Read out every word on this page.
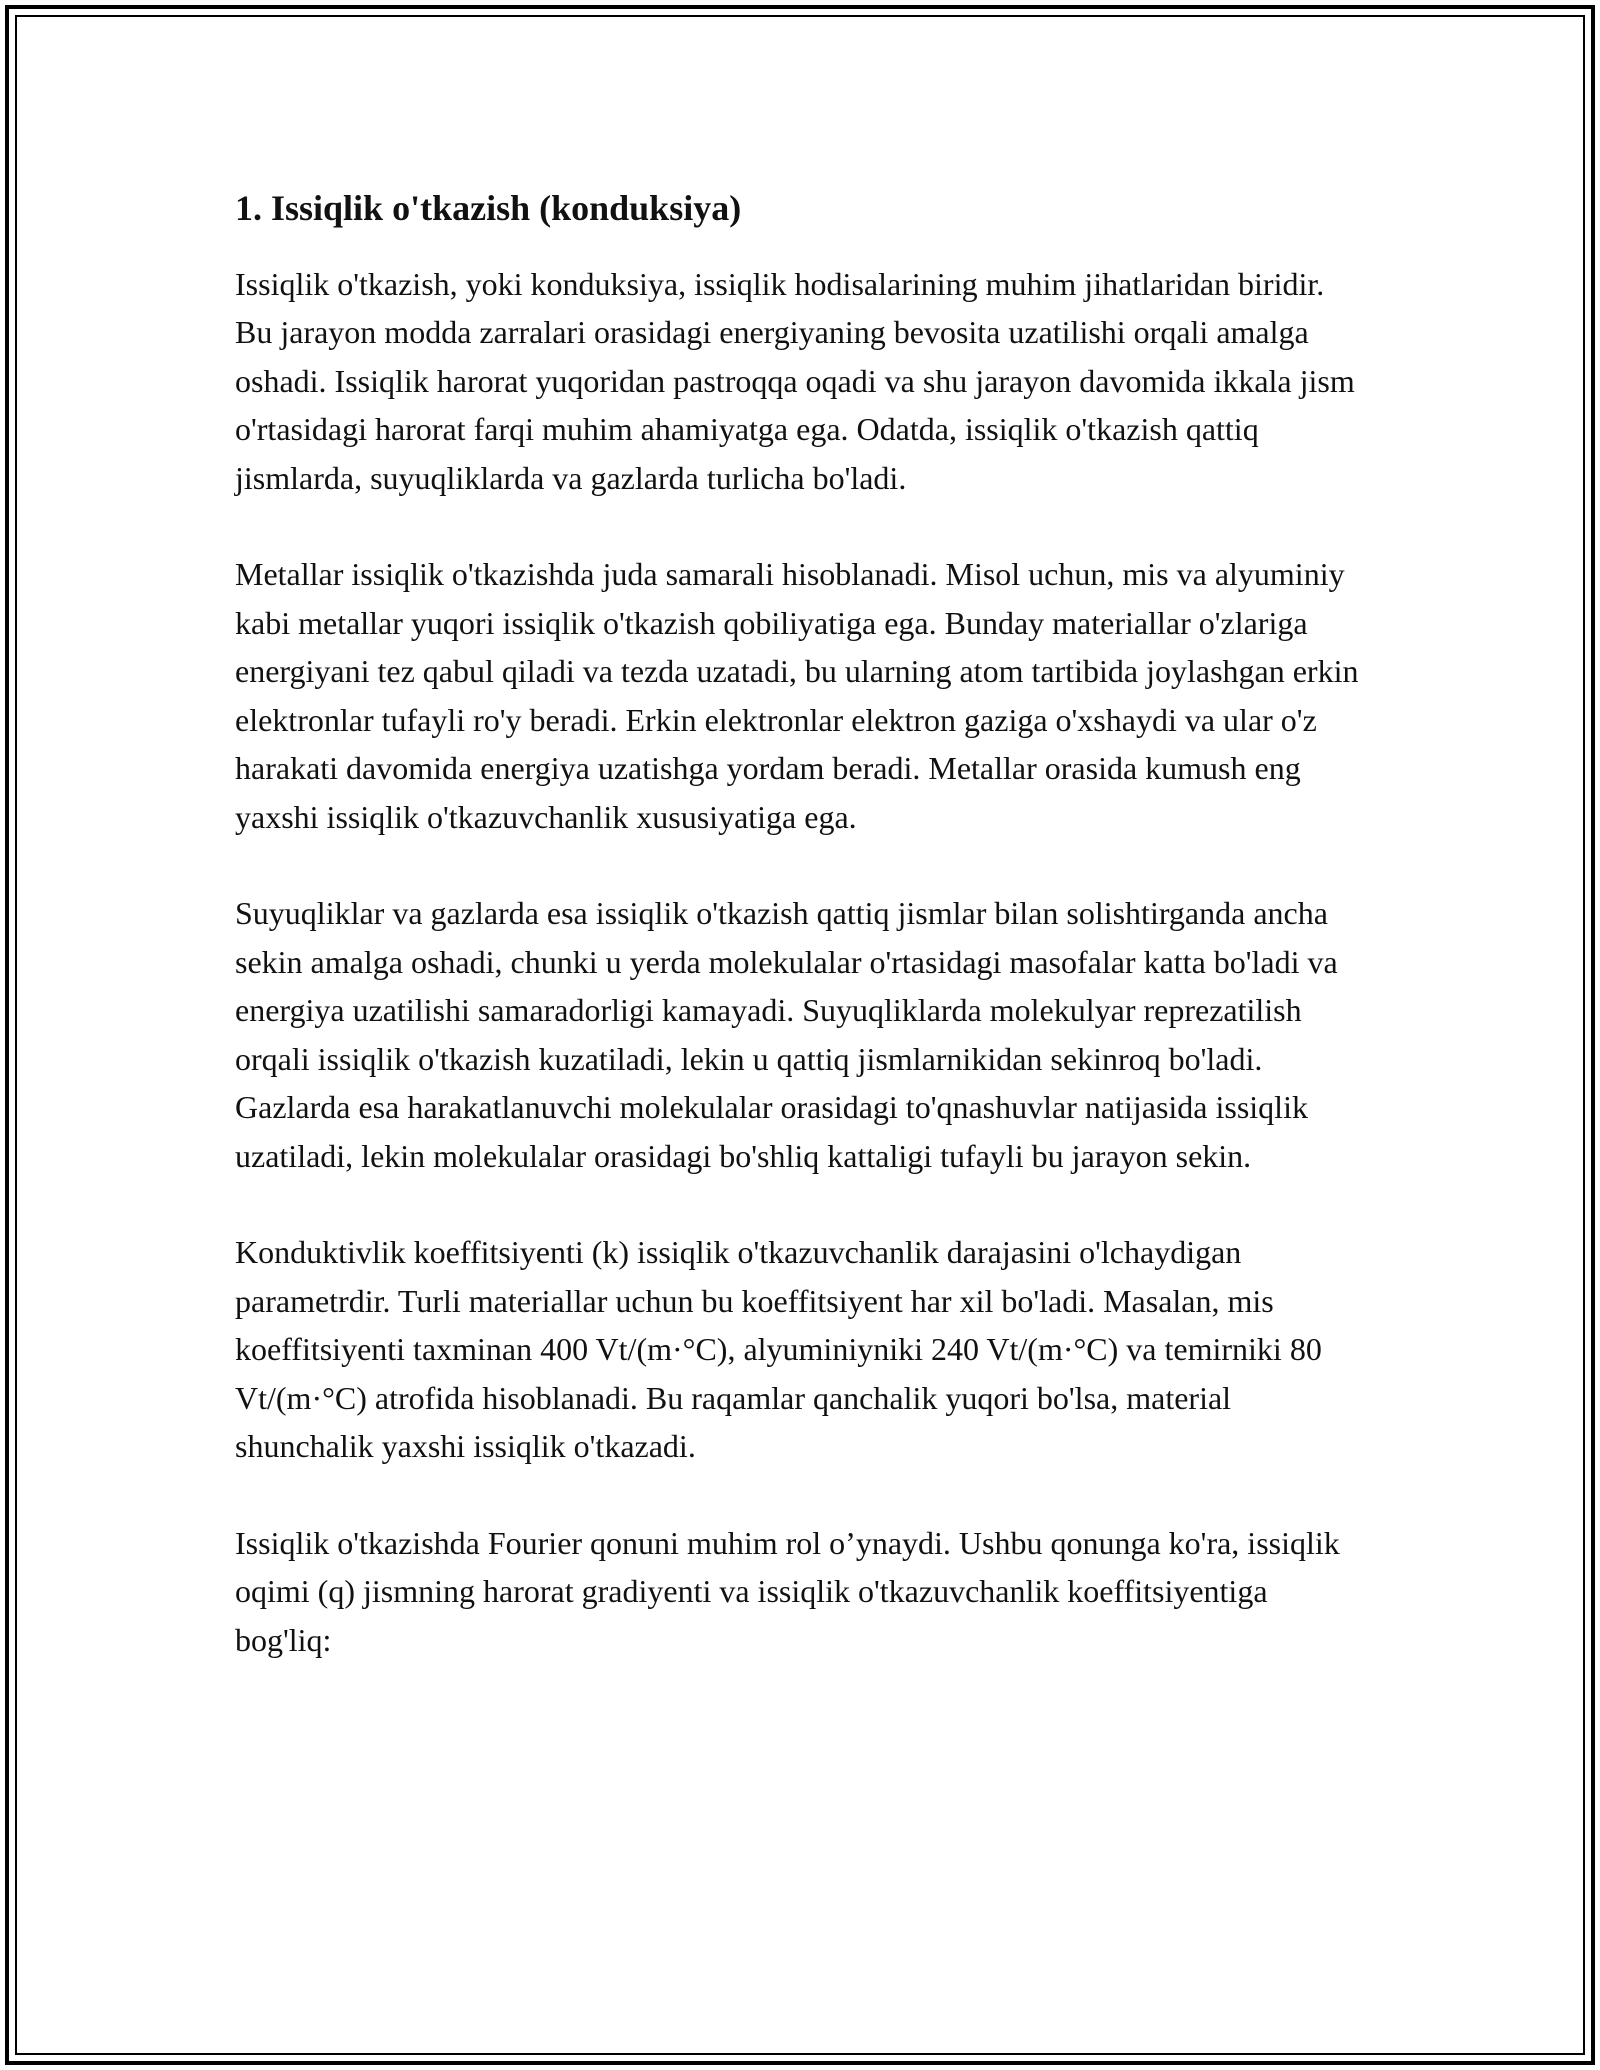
1. Issiqlik o'tkazish (konduksiya)

Issiqlik o'tkazish, yoki konduksiya, issiqlik hodisalarining muhim jihatlaridan biridir. Bu jarayon modda zarralari orasidagi energiyaning bevosita uzatilishi orqali amalga oshadi. Issiqlik harorat yuqoridan pastroqqa oqadi va shu jarayon davomida ikkala jism o'rtasidagi harorat farqi muhim ahamiyatga ega. Odatda, issiqlik o'tkazish qattiq jismlarda, suyuqliklarda va gazlarda turlicha bo'ladi.

Metallar issiqlik o'tkazishda juda samarali hisoblanadi. Misol uchun, mis va alyuminiy kabi metallar yuqori issiqlik o'tkazish qobiliyatiga ega. Bunday materiallar o'zlariga energiyani tez qabul qiladi va tezda uzatadi, bu ularning atom tartibida joylashgan erkin elektronlar tufayli ro'y beradi. Erkin elektronlar elektron gaziga o'xshaydi va ular o'z harakati davomida energiya uzatishga yordam beradi. Metallar orasida kumush eng yaxshi issiqlik o'tkazuvchanlik xususiyatiga ega.

Suyuqliklar va gazlarda esa issiqlik o'tkazish qattiq jismlar bilan solishtirganda ancha sekin amalga oshadi, chunki u yerda molekulalar o'rtasidagi masofalar katta bo'ladi va energiya uzatilishi samaradorligi kamayadi. Suyuqliklarda molekulyar reprezatilish orqali issiqlik o'tkazish kuzatiladi, lekin u qattiq jismlarnikidan sekinroq bo'ladi. Gazlarda esa harakatlanuvchi molekulalar orasidagi to'qnashuvlar natijasida issiqlik uzatiladi, lekin molekulalar orasidagi bo'shliq kattaligi tufayli bu jarayon sekin.

Konduktivlik koeffitsiyenti (k) issiqlik o'tkazuvchanlik darajasini o'lchaydigan parametrdir. Turli materiallar uchun bu koeffitsiyent har xil bo'ladi. Masalan, mis koeffitsiyenti taxminan 400 Vt/(m·°C), alyuminiyniki 240 Vt/(m·°C) va temirniki 80 Vt/(m·°C) atrofida hisoblanadi. Bu raqamlar qanchalik yuqori bo'lsa, material shunchalik yaxshi issiqlik o'tkazadi.

Issiqlik o'tkazishda Fourier qonuni muhim rol o’ynaydi. Ushbu qonunga ko'ra, issiqlik oqimi (q) jismning harorat gradiyenti va issiqlik o'tkazuvchanlik koeffitsiyentiga bog'liq:
